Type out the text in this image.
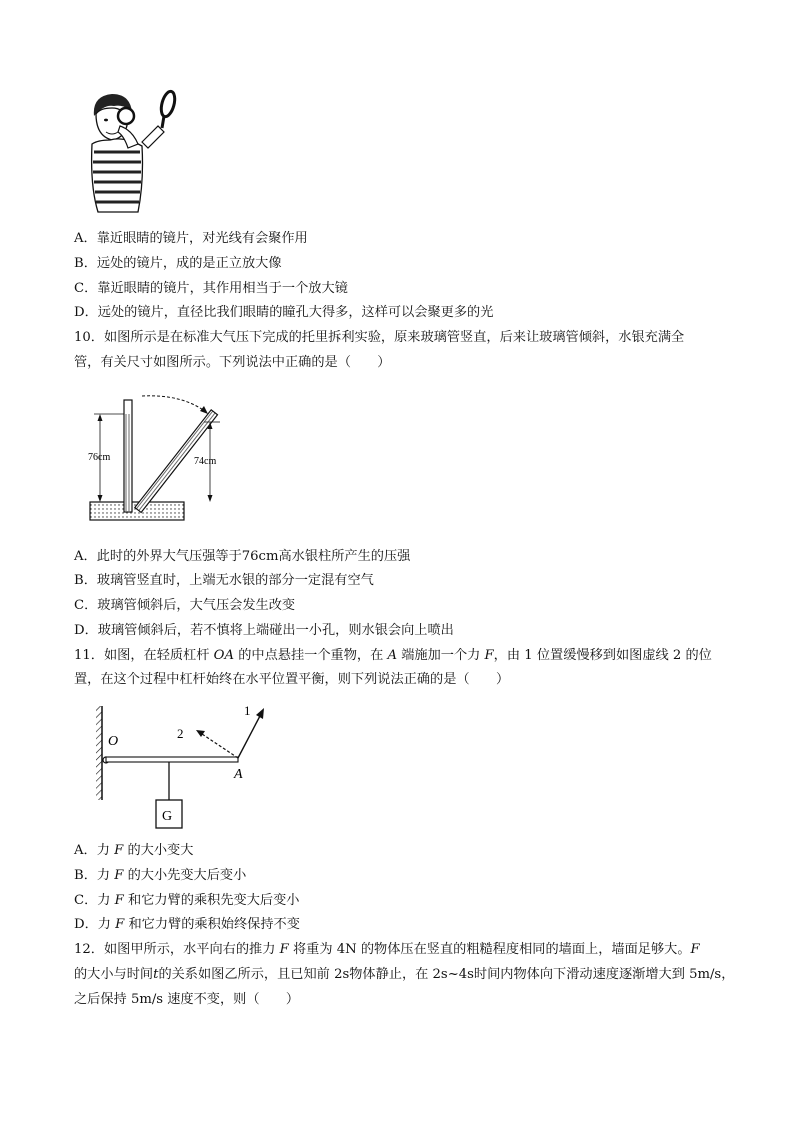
A．靠近眼睛的镜片，对光线有会聚作用
B．远处的镜片，成的是正立放大像
C．靠近眼睛的镜片，其作用相当于一个放大镜
D．远处的镜片，直径比我们眼睛的瞳孔大得多，这样可以会聚更多的光
10．如图所示是在标准大气压下完成的托里拆利实验，原来玻璃管竖直，后来让玻璃管倾斜，水银充满全
管，有关尺寸如图所示。下列说法中正确的是（　　）
76cm	74cm
A．此时的外界大气压强等于76cm高水银柱所产生的压强
B．玻璃管竖直时，上端无水银的部分一定混有空气
C．玻璃管倾斜后，大气压会发生改变
D．玻璃管倾斜后，若不慎将上端碰出一小孔，则水银会向上喷出
11．如图，在轻质杠杆 OA 的中点悬挂一个重物，在 A 端施加一个力 F，由 1 位置缓慢移到如图虚线 2 的位
置，在这个过程中杠杆始终在水平位置平衡，则下列说法正确的是（　　）
O
A
G
1
2
A．力 F 的大小变大
B．力 F 的大小先变大后变小
C．力 F 和它力臂的乘积先变大后变小
D．力 F 和它力臂的乘积始终保持不变
12．如图甲所示，水平向右的推力 F 将重为 4N 的物体压在竖直的粗糙程度相同的墙面上，墙面足够大。F
的大小与时间t的关系如图乙所示，且已知前 2s物体静止，在 2s~4s时间内物体向下滑动速度逐渐增大到 5m/s，
之后保持 5m/s 速度不变，则（　　）
